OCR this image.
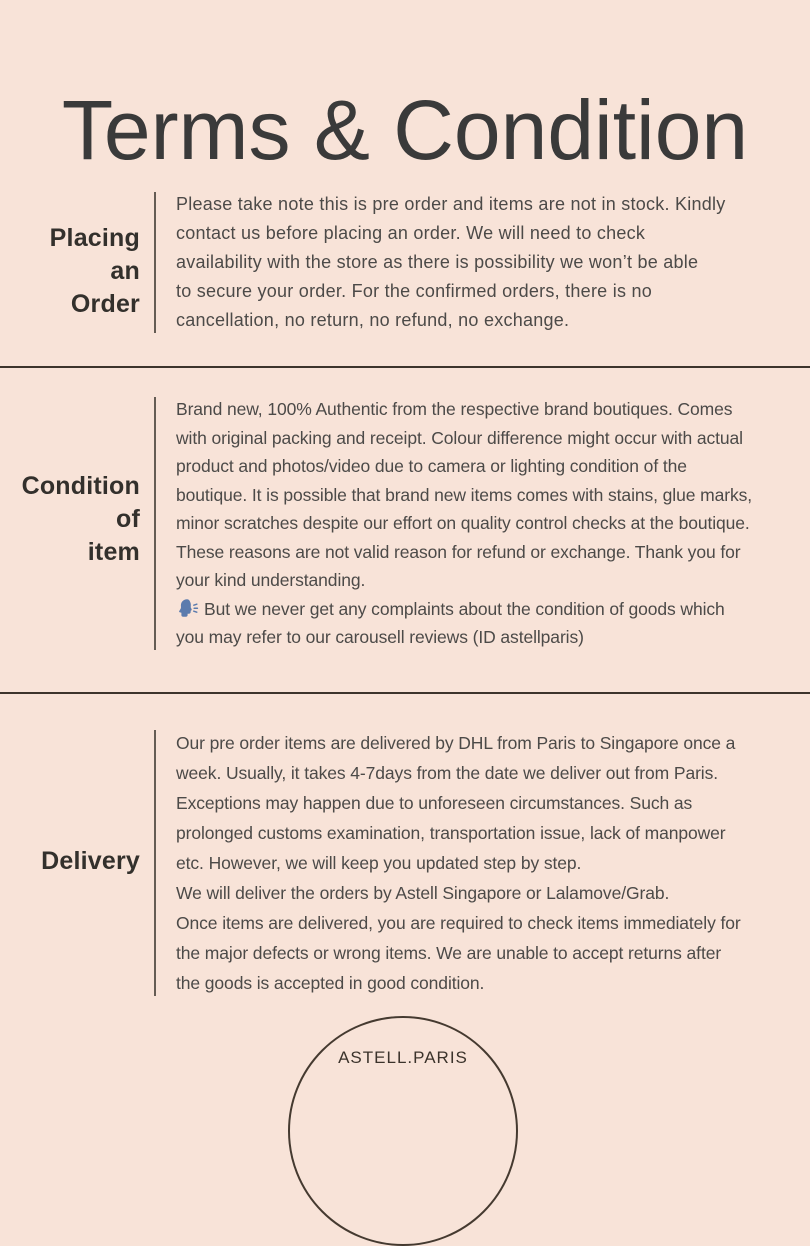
Terms & Condition
Placing
an
Order
Please take note this is pre order and items are not in stock. Kindly
contact us before placing an order. We will need to check
availability with the store as there is possibility we won’t be able
to secure your order. For the confirmed orders, there is no
cancellation, no return, no refund, no exchange.
Condition
of
item
Brand new, 100% Authentic from the respective brand boutiques. Comes
with original packing and receipt. Colour difference might occur with actual
product and photos/video due to camera or lighting condition of the
boutique. It is possible that brand new items comes with stains, glue marks,
minor scratches despite our effort on quality control checks at the boutique.
These reasons are not valid reason for refund or exchange. Thank you for
your kind understanding.
But we never get any complaints about the condition of goods which
you may refer to our carousell reviews (ID astellparis)
Delivery
Our pre order items are delivered by DHL from Paris to Singapore once a
week. Usually, it takes 4-7days from the date we deliver out from Paris.
Exceptions may happen due to unforeseen circumstances. Such as
prolonged customs examination, transportation issue, lack of manpower
etc. However, we will keep you updated step by step.
We will deliver the orders by Astell Singapore or Lalamove/Grab.
Once items are delivered, you are required to check items immediately for
the major defects or wrong items. We are unable to accept returns after
the goods is accepted in good condition.
ASTELL.PARIS
